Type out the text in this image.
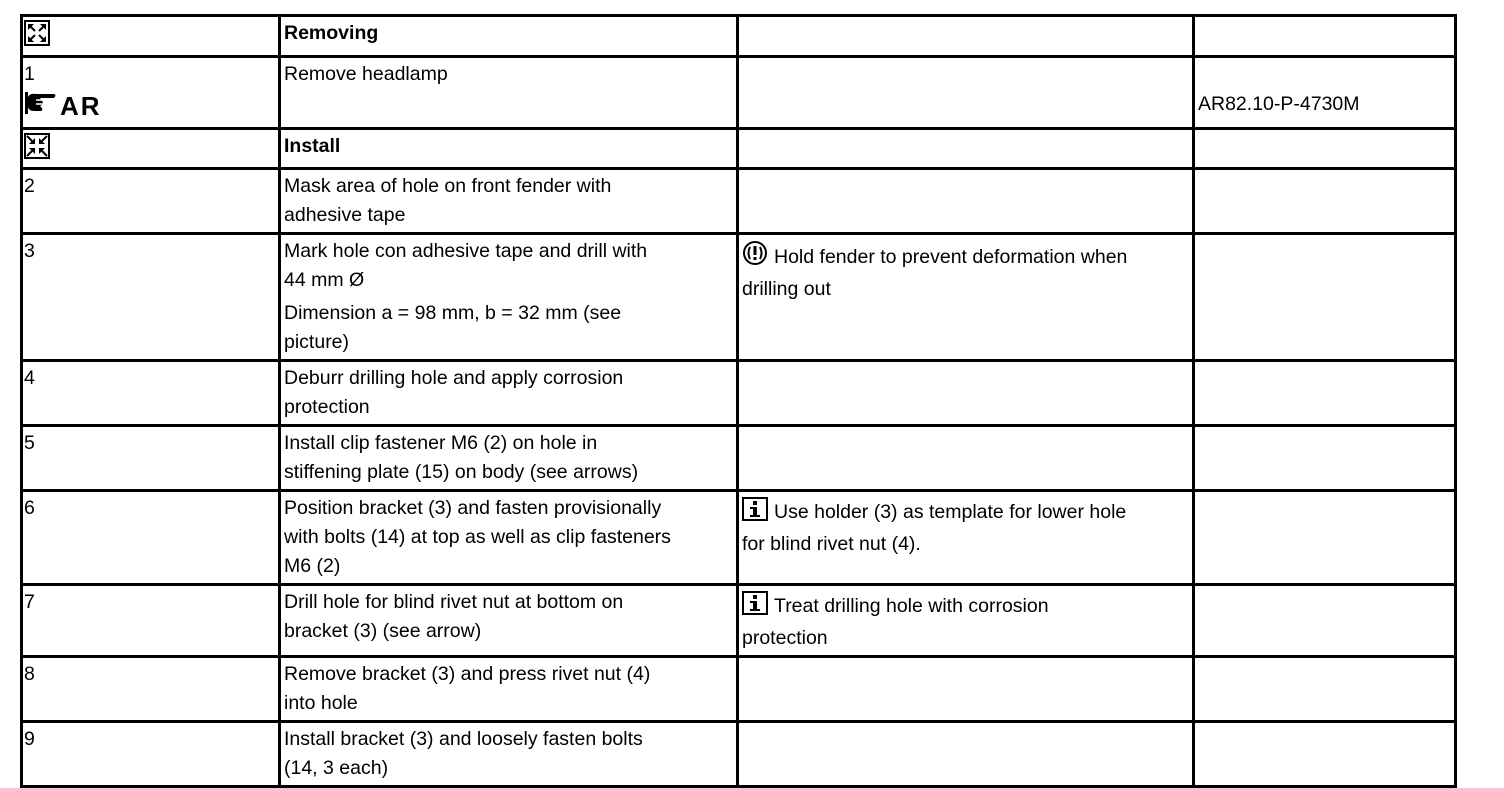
Removing		

1
AR	Remove headlamp		AR82.10-P-4730M

Install		

2	Mask area of hole on front fender with
adhesive tape		

3	Mark hole con adhesive tape and drill with
44 mm Ø
Dimension a = 98 mm, b = 32 mm (see
picture)	Hold fender to prevent deformation when
drilling out	

4	Deburr drilling hole and apply corrosion
protection		

5	Install clip fastener M6 (2) on hole in
stiffening plate (15) on body (see arrows)		

6	Position bracket (3) and fasten provisionally
with bolts (14) at top as well as clip fasteners
M6 (2)	Use holder (3) as template for lower hole
for blind rivet nut (4).	

7	Drill hole for blind rivet nut at bottom on
bracket (3) (see arrow)	Treat drilling hole with corrosion
protection	

8	Remove bracket (3) and press rivet nut (4)
into hole		

9	Install bracket (3) and loosely fasten bolts
(14, 3 each)		
